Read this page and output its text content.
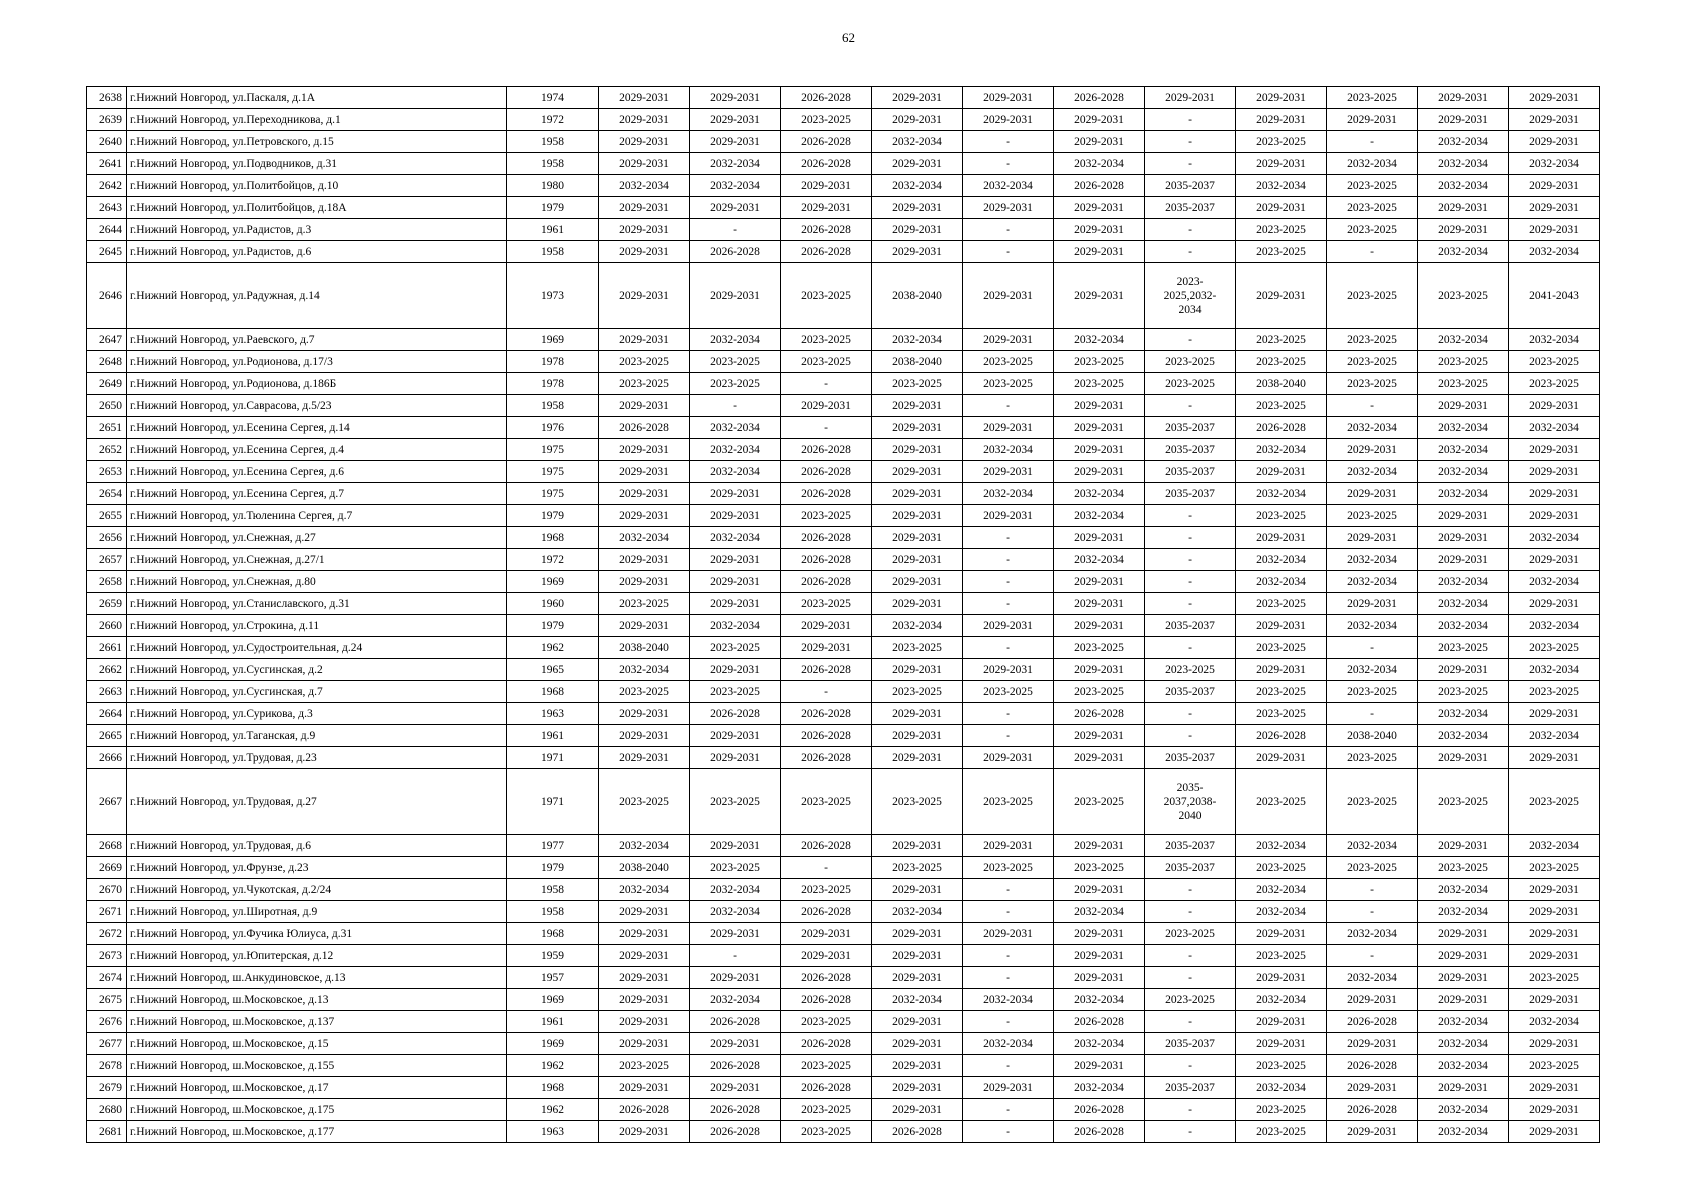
62
2638	г.Нижний Новгород, ул.Паскаля, д.1А	1974	2029-2031	2029-2031	2026-2028	2029-2031	2029-2031	2026-2028	2029-2031	2029-2031	2023-2025	2029-2031	2029-2031
2639	г.Нижний Новгород, ул.Переходникова, д.1	1972	2029-2031	2029-2031	2023-2025	2029-2031	2029-2031	2029-2031	-	2029-2031	2029-2031	2029-2031	2029-2031
2640	г.Нижний Новгород, ул.Петровского, д.15	1958	2029-2031	2029-2031	2026-2028	2032-2034	-	2029-2031	-	2023-2025	-	2032-2034	2029-2031
2641	г.Нижний Новгород, ул.Подводников, д.31	1958	2029-2031	2032-2034	2026-2028	2029-2031	-	2032-2034	-	2029-2031	2032-2034	2032-2034	2032-2034
2642	г.Нижний Новгород, ул.Политбойцов, д.10	1980	2032-2034	2032-2034	2029-2031	2032-2034	2032-2034	2026-2028	2035-2037	2032-2034	2023-2025	2032-2034	2029-2031
2643	г.Нижний Новгород, ул.Политбойцов, д.18А	1979	2029-2031	2029-2031	2029-2031	2029-2031	2029-2031	2029-2031	2035-2037	2029-2031	2023-2025	2029-2031	2029-2031
2644	г.Нижний Новгород, ул.Радистов, д.3	1961	2029-2031	-	2026-2028	2029-2031	-	2029-2031	-	2023-2025	2023-2025	2029-2031	2029-2031
2645	г.Нижний Новгород, ул.Радистов, д.6	1958	2029-2031	2026-2028	2026-2028	2029-2031	-	2029-2031	-	2023-2025	-	2032-2034	2032-2034
2646	г.Нижний Новгород, ул.Радужная, д.14	1973	2029-2031	2029-2031	2023-2025	2038-2040	2029-2031	2029-2031	2023-
2025,2032-
2034	2029-2031	2023-2025	2023-2025	2041-2043
2647	г.Нижний Новгород, ул.Раевского, д.7	1969	2029-2031	2032-2034	2023-2025	2032-2034	2029-2031	2032-2034	-	2023-2025	2023-2025	2032-2034	2032-2034
2648	г.Нижний Новгород, ул.Родионова, д.17/3	1978	2023-2025	2023-2025	2023-2025	2038-2040	2023-2025	2023-2025	2023-2025	2023-2025	2023-2025	2023-2025	2023-2025
2649	г.Нижний Новгород, ул.Родионова, д.186Б	1978	2023-2025	2023-2025	-	2023-2025	2023-2025	2023-2025	2023-2025	2038-2040	2023-2025	2023-2025	2023-2025
2650	г.Нижний Новгород, ул.Саврасова, д.5/23	1958	2029-2031	-	2029-2031	2029-2031	-	2029-2031	-	2023-2025	-	2029-2031	2029-2031
2651	г.Нижний Новгород, ул.Есенина Сергея, д.14	1976	2026-2028	2032-2034	-	2029-2031	2029-2031	2029-2031	2035-2037	2026-2028	2032-2034	2032-2034	2032-2034
2652	г.Нижний Новгород, ул.Есенина Сергея, д.4	1975	2029-2031	2032-2034	2026-2028	2029-2031	2032-2034	2029-2031	2035-2037	2032-2034	2029-2031	2032-2034	2029-2031
2653	г.Нижний Новгород, ул.Есенина Сергея, д.6	1975	2029-2031	2032-2034	2026-2028	2029-2031	2029-2031	2029-2031	2035-2037	2029-2031	2032-2034	2032-2034	2029-2031
2654	г.Нижний Новгород, ул.Есенина Сергея, д.7	1975	2029-2031	2029-2031	2026-2028	2029-2031	2032-2034	2032-2034	2035-2037	2032-2034	2029-2031	2032-2034	2029-2031
2655	г.Нижний Новгород, ул.Тюленина Сергея, д.7	1979	2029-2031	2029-2031	2023-2025	2029-2031	2029-2031	2032-2034	-	2023-2025	2023-2025	2029-2031	2029-2031
2656	г.Нижний Новгород, ул.Снежная, д.27	1968	2032-2034	2032-2034	2026-2028	2029-2031	-	2029-2031	-	2029-2031	2029-2031	2029-2031	2032-2034
2657	г.Нижний Новгород, ул.Снежная, д.27/1	1972	2029-2031	2029-2031	2026-2028	2029-2031	-	2032-2034	-	2032-2034	2032-2034	2029-2031	2029-2031
2658	г.Нижний Новгород, ул.Снежная, д.80	1969	2029-2031	2029-2031	2026-2028	2029-2031	-	2029-2031	-	2032-2034	2032-2034	2032-2034	2032-2034
2659	г.Нижний Новгород, ул.Станиславского, д.31	1960	2023-2025	2029-2031	2023-2025	2029-2031	-	2029-2031	-	2023-2025	2029-2031	2032-2034	2029-2031
2660	г.Нижний Новгород, ул.Строкина, д.11	1979	2029-2031	2032-2034	2029-2031	2032-2034	2029-2031	2029-2031	2035-2037	2029-2031	2032-2034	2032-2034	2032-2034
2661	г.Нижний Новгород, ул.Судостроительная, д.24	1962	2038-2040	2023-2025	2029-2031	2023-2025	-	2023-2025	-	2023-2025	-	2023-2025	2023-2025
2662	г.Нижний Новгород, ул.Сусгинская, д.2	1965	2032-2034	2029-2031	2026-2028	2029-2031	2029-2031	2029-2031	2023-2025	2029-2031	2032-2034	2029-2031	2032-2034
2663	г.Нижний Новгород, ул.Сусгинская, д.7	1968	2023-2025	2023-2025	-	2023-2025	2023-2025	2023-2025	2035-2037	2023-2025	2023-2025	2023-2025	2023-2025
2664	г.Нижний Новгород, ул.Сурикова, д.3	1963	2029-2031	2026-2028	2026-2028	2029-2031	-	2026-2028	-	2023-2025	-	2032-2034	2029-2031
2665	г.Нижний Новгород, ул.Таганская, д.9	1961	2029-2031	2029-2031	2026-2028	2029-2031	-	2029-2031	-	2026-2028	2038-2040	2032-2034	2032-2034
2666	г.Нижний Новгород, ул.Трудовая, д.23	1971	2029-2031	2029-2031	2026-2028	2029-2031	2029-2031	2029-2031	2035-2037	2029-2031	2023-2025	2029-2031	2029-2031
2667	г.Нижний Новгород, ул.Трудовая, д.27	1971	2023-2025	2023-2025	2023-2025	2023-2025	2023-2025	2023-2025	2035-
2037,2038-
2040	2023-2025	2023-2025	2023-2025	2023-2025
2668	г.Нижний Новгород, ул.Трудовая, д.6	1977	2032-2034	2029-2031	2026-2028	2029-2031	2029-2031	2029-2031	2035-2037	2032-2034	2032-2034	2029-2031	2032-2034
2669	г.Нижний Новгород, ул.Фрунзе, д.23	1979	2038-2040	2023-2025	-	2023-2025	2023-2025	2023-2025	2035-2037	2023-2025	2023-2025	2023-2025	2023-2025
2670	г.Нижний Новгород, ул.Чукотская, д.2/24	1958	2032-2034	2032-2034	2023-2025	2029-2031	-	2029-2031	-	2032-2034	-	2032-2034	2029-2031
2671	г.Нижний Новгород, ул.Широтная, д.9	1958	2029-2031	2032-2034	2026-2028	2032-2034	-	2032-2034	-	2032-2034	-	2032-2034	2029-2031
2672	г.Нижний Новгород, ул.Фучика Юлиуса, д.31	1968	2029-2031	2029-2031	2029-2031	2029-2031	2029-2031	2029-2031	2023-2025	2029-2031	2032-2034	2029-2031	2029-2031
2673	г.Нижний Новгород, ул.Юпитерская, д.12	1959	2029-2031	-	2029-2031	2029-2031	-	2029-2031	-	2023-2025	-	2029-2031	2029-2031
2674	г.Нижний Новгород, ш.Анкудиновское, д.13	1957	2029-2031	2029-2031	2026-2028	2029-2031	-	2029-2031	-	2029-2031	2032-2034	2029-2031	2023-2025
2675	г.Нижний Новгород, ш.Московское, д.13	1969	2029-2031	2032-2034	2026-2028	2032-2034	2032-2034	2032-2034	2023-2025	2032-2034	2029-2031	2029-2031	2029-2031
2676	г.Нижний Новгород, ш.Московское, д.137	1961	2029-2031	2026-2028	2023-2025	2029-2031	-	2026-2028	-	2029-2031	2026-2028	2032-2034	2032-2034
2677	г.Нижний Новгород, ш.Московское, д.15	1969	2029-2031	2029-2031	2026-2028	2029-2031	2032-2034	2032-2034	2035-2037	2029-2031	2029-2031	2032-2034	2029-2031
2678	г.Нижний Новгород, ш.Московское, д.155	1962	2023-2025	2026-2028	2023-2025	2029-2031	-	2029-2031	-	2023-2025	2026-2028	2032-2034	2023-2025
2679	г.Нижний Новгород, ш.Московское, д.17	1968	2029-2031	2029-2031	2026-2028	2029-2031	2029-2031	2032-2034	2035-2037	2032-2034	2029-2031	2029-2031	2029-2031
2680	г.Нижний Новгород, ш.Московское, д.175	1962	2026-2028	2026-2028	2023-2025	2029-2031	-	2026-2028	-	2023-2025	2026-2028	2032-2034	2029-2031
2681	г.Нижний Новгород, ш.Московское, д.177	1963	2029-2031	2026-2028	2023-2025	2026-2028	-	2026-2028	-	2023-2025	2029-2031	2032-2034	2029-2031
